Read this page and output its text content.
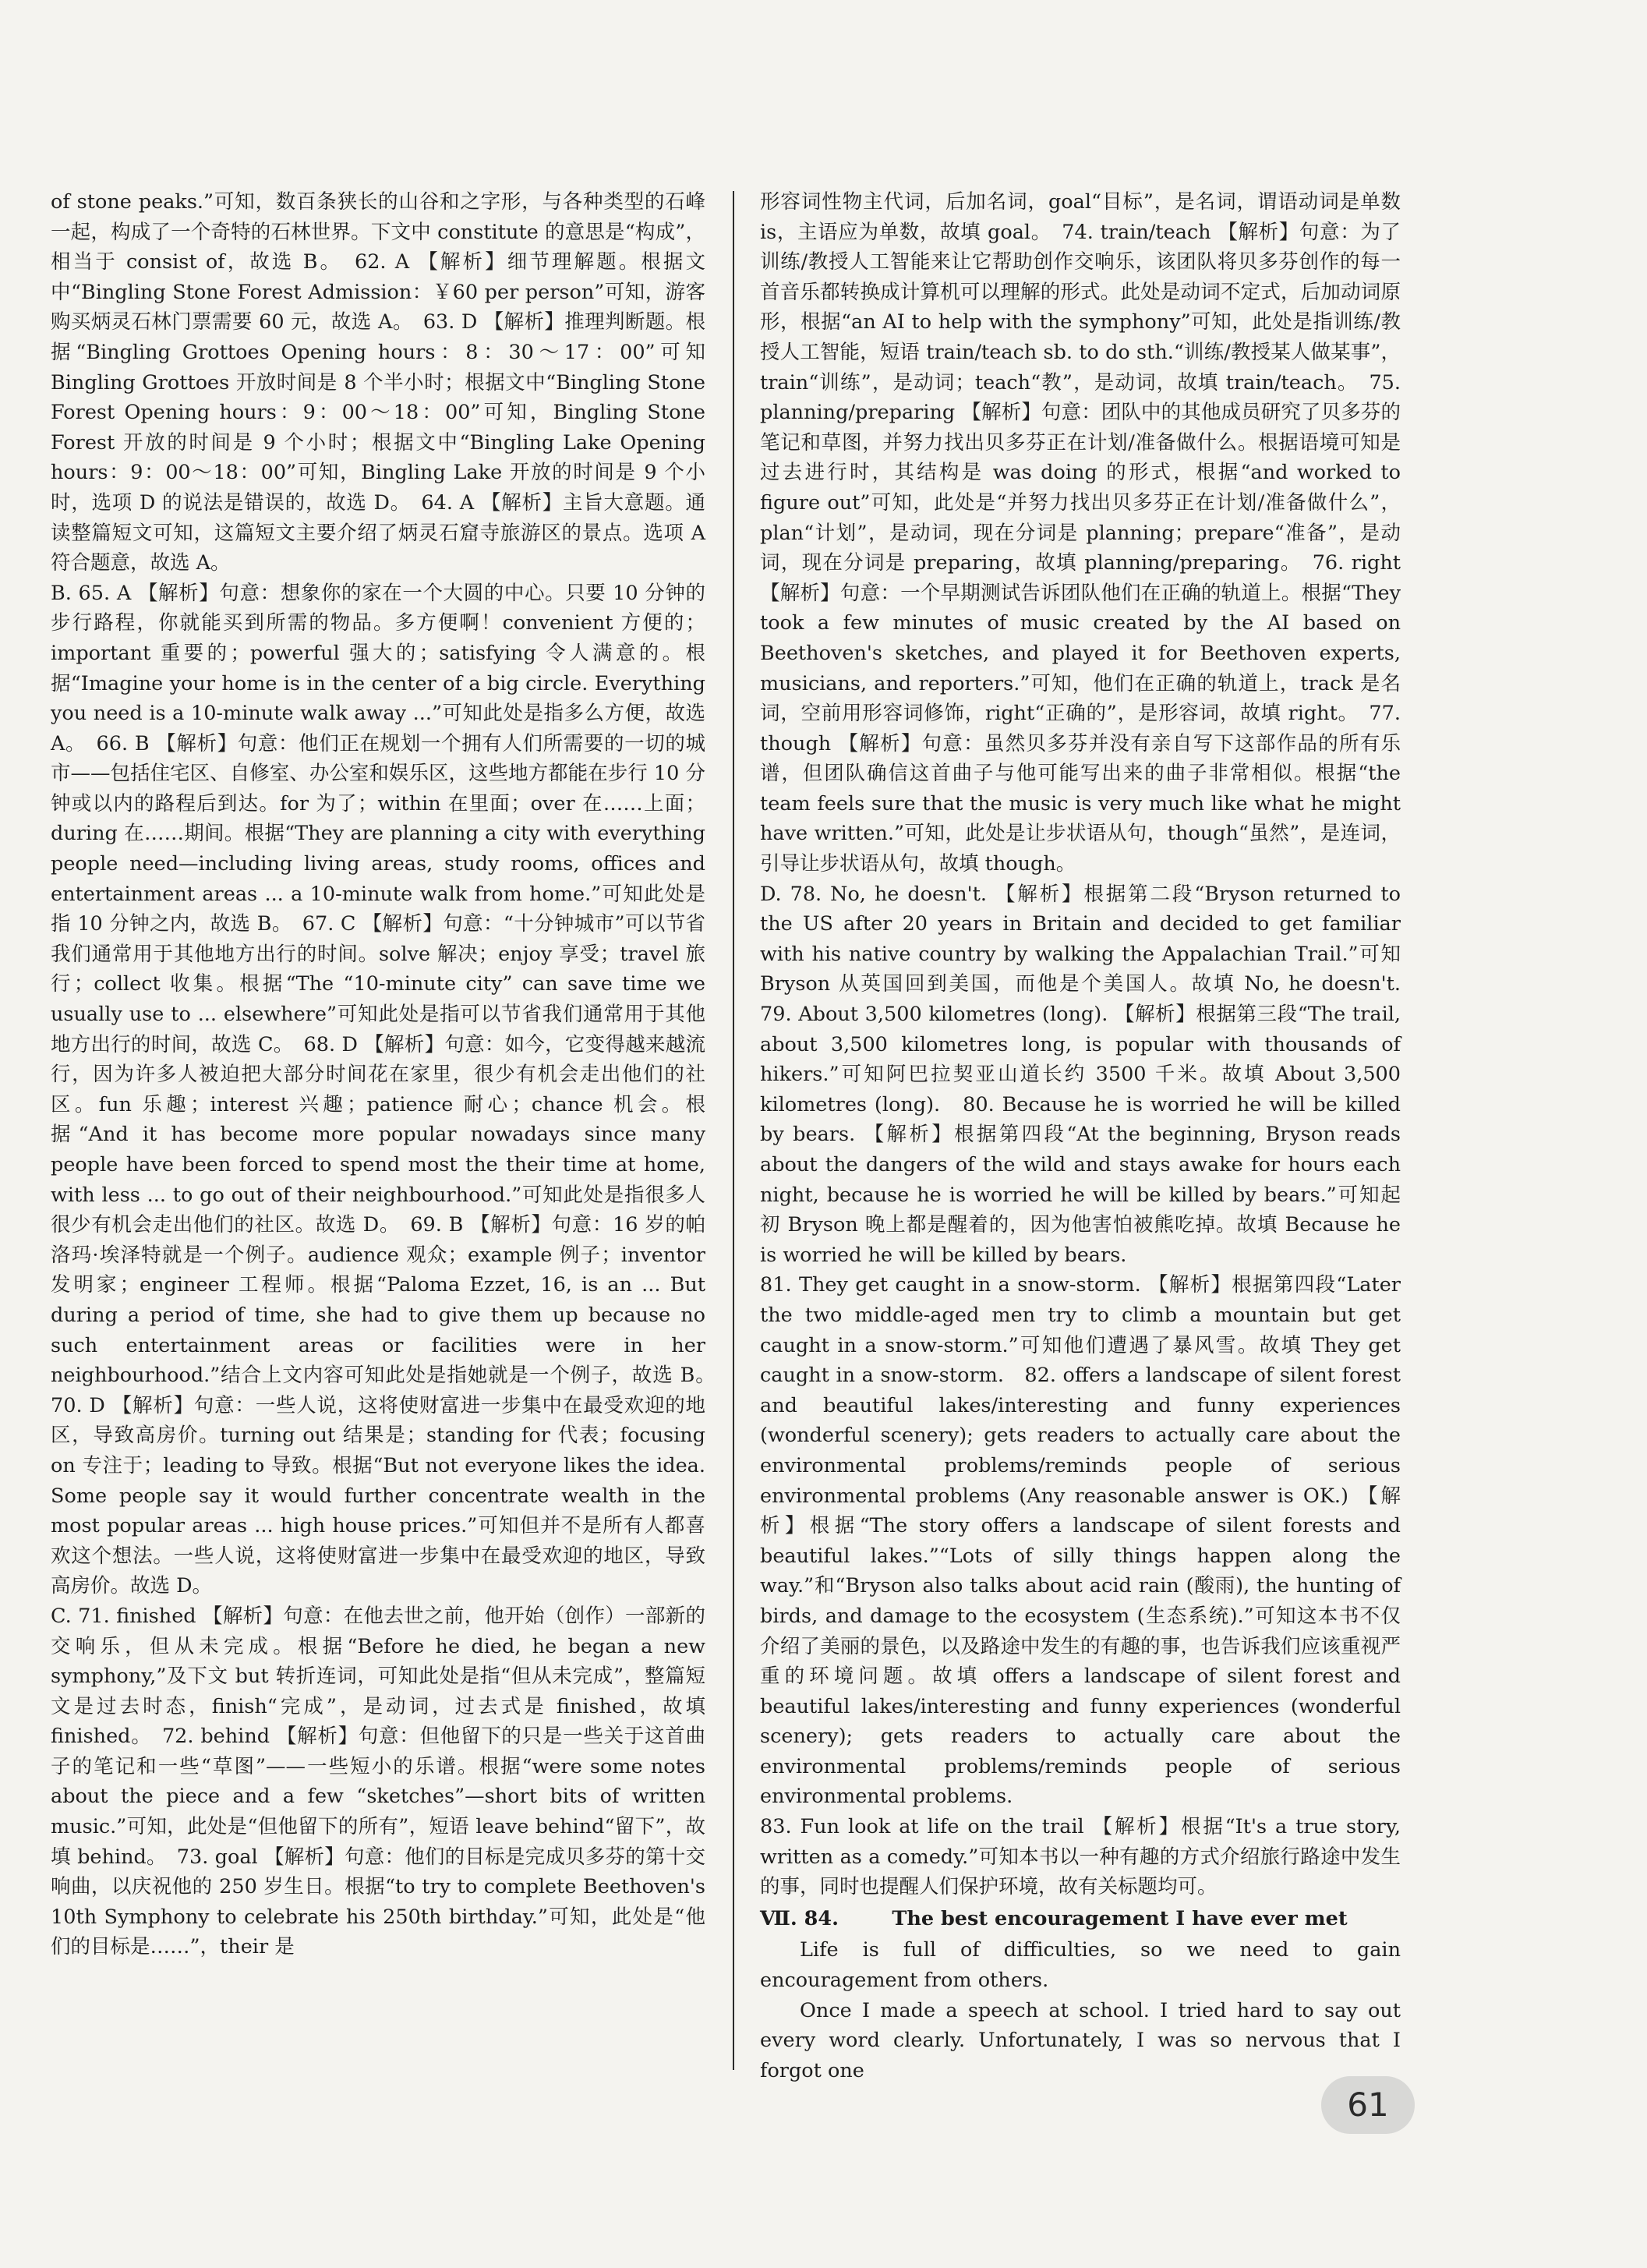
of stone peaks.”可知，数百条狭长的山谷和之字形，与各种类型的石峰一起，构成了一个奇特的石林世界。下文中 constitute 的意思是“构成”，相当于 consist of，故选 B。　62. A 【解析】细节理解题。根据文中“Bingling Stone Forest Admission：￥60 per person”可知，游客购买炳灵石林门票需要 60 元，故选 A。　63. D 【解析】推理判断题。根据“Bingling Grottoes Opening hours：8：30～17：00”可知 Bingling Grottoes 开放时间是 8 个半小时；根据文中“Bingling Stone Forest Opening hours：9：00～18：00”可知，Bingling Stone Forest 开放的时间是 9 个小时；根据文中“Bingling Lake Opening hours：9：00～18：00”可知，Bingling Lake 开放的时间是 9 个小时，选项 D 的说法是错误的，故选 D。　64. A 【解析】主旨大意题。通读整篇短文可知，这篇短文主要介绍了炳灵石窟寺旅游区的景点。选项 A 符合题意，故选 A。

B. 65. A 【解析】句意：想象你的家在一个大圆的中心。只要 10 分钟的步行路程，你就能买到所需的物品。多方便啊！convenient 方便的；important 重要的；powerful 强大的；satisfying 令人满意的。根据“Imagine your home is in the center of a big circle. Everything you need is a 10-minute walk away ...”可知此处是指多么方便，故选 A。　66. B 【解析】句意：他们正在规划一个拥有人们所需要的一切的城市——包括住宅区、自修室、办公室和娱乐区，这些地方都能在步行 10 分钟或以内的路程后到达。for 为了；within 在里面；over 在……上面；during 在……期间。根据“They are planning a city with everything people need—including living areas, study rooms, offices and entertainment areas ... a 10-minute walk from home.”可知此处是指 10 分钟之内，故选 B。　67. C 【解析】句意：“十分钟城市”可以节省我们通常用于其他地方出行的时间。solve 解决；enjoy 享受；travel 旅行；collect 收集。根据“The “10-minute city” can save time we usually use to ... elsewhere”可知此处是指可以节省我们通常用于其他地方出行的时间，故选 C。　68. D 【解析】句意：如今，它变得越来越流行，因为许多人被迫把大部分时间花在家里，很少有机会走出他们的社区。fun 乐趣；interest 兴趣；patience 耐心；chance 机会。根据“And it has become more popular nowadays since many people have been forced to spend most the their time at home, with less ... to go out of their neighbourhood.”可知此处是指很多人很少有机会走出他们的社区。故选 D。　69. B 【解析】句意：16 岁的帕洛玛·埃泽特就是一个例子。audience 观众；example 例子；inventor 发明家；engineer 工程师。根据“Paloma Ezzet, 16, is an ... But during a period of time, she had to give them up because no such entertainment areas or facilities were in her neighbourhood.”结合上文内容可知此处是指她就是一个例子，故选 B。　70. D 【解析】句意：一些人说，这将使财富进一步集中在最受欢迎的地区，导致高房价。turning out 结果是；standing for 代表；focusing on 专注于；leading to 导致。根据“But not everyone likes the idea. Some people say it would further concentrate wealth in the most popular areas ... high house prices.”可知但并不是所有人都喜欢这个想法。一些人说，这将使财富进一步集中在最受欢迎的地区，导致高房价。故选 D。

C. 71. finished 【解析】句意：在他去世之前，他开始（创作）一部新的交响乐，但从未完成。根据“Before he died, he began a new symphony,”及下文 but 转折连词，可知此处是指“但从未完成”，整篇短文是过去时态，finish“完成”，是动词，过去式是 finished，故填 finished。　72. behind 【解析】句意：但他留下的只是一些关于这首曲子的笔记和一些“草图”——一些短小的乐谱。根据“were some notes about the piece and a few “sketches”—short bits of written music.”可知，此处是“但他留下的所有”，短语 leave behind“留下”，故填 behind。　73. goal 【解析】句意：他们的目标是完成贝多芬的第十交响曲，以庆祝他的 250 岁生日。根据“to try to complete Beethoven's 10th Symphony to celebrate his 250th birthday.”可知，此处是“他们的目标是……”，their 是

形容词性物主代词，后加名词，goal“目标”，是名词，谓语动词是单数 is，主语应为单数，故填 goal。　74. train/teach 【解析】句意：为了训练/教授人工智能来让它帮助创作交响乐，该团队将贝多芬创作的每一首音乐都转换成计算机可以理解的形式。此处是动词不定式，后加动词原形，根据“an AI to help with the symphony”可知，此处是指训练/教授人工智能，短语 train/teach sb. to do sth.“训练/教授某人做某事”，train“训练”，是动词；teach“教”，是动词，故填 train/teach。　75. planning/preparing 【解析】句意：团队中的其他成员研究了贝多芬的笔记和草图，并努力找出贝多芬正在计划/准备做什么。根据语境可知是过去进行时，其结构是 was doing 的形式，根据“and worked to figure out”可知，此处是“并努力找出贝多芬正在计划/准备做什么”，plan“计划”，是动词，现在分词是 planning；prepare“准备”，是动词，现在分词是 preparing，故填 planning/preparing。　76. right 【解析】句意：一个早期测试告诉团队他们在正确的轨道上。根据“They took a few minutes of music created by the AI based on Beethoven's sketches, and played it for Beethoven experts, musicians, and reporters.”可知，他们在正确的轨道上，track 是名词，空前用形容词修饰，right“正确的”，是形容词，故填 right。　77. though 【解析】句意：虽然贝多芬并没有亲自写下这部作品的所有乐谱，但团队确信这首曲子与他可能写出来的曲子非常相似。根据“the team feels sure that the music is very much like what he might have written.”可知，此处是让步状语从句，though“虽然”，是连词，引导让步状语从句，故填 though。

D. 78. No, he doesn't. 【解析】根据第二段“Bryson returned to the US after 20 years in Britain and decided to get familiar with his native country by walking the Appalachian Trail.”可知 Bryson 从英国回到美国，而他是个美国人。故填 No, he doesn't.　79. About 3,500 kilometres (long). 【解析】根据第三段“The trail, about 3,500 kilometres long, is popular with thousands of hikers.”可知阿巴拉契亚山道长约 3500 千米。故填 About 3,500 kilometres (long).　80. Because he is worried he will be killed by bears. 【解析】根据第四段“At the beginning, Bryson reads about the dangers of the wild and stays awake for hours each night, because he is worried he will be killed by bears.”可知起初 Bryson 晚上都是醒着的，因为他害怕被熊吃掉。故填 Because he is worried he will be killed by bears.

81. They get caught in a snow-storm. 【解析】根据第四段“Later the two middle-aged men try to climb a mountain but get caught in a snow-storm.”可知他们遭遇了暴风雪。故填 They get caught in a snow-storm.　82. offers a landscape of silent forest and beautiful lakes/interesting and funny experiences (wonderful scenery); gets readers to actually care about the environmental problems/reminds people of serious environmental problems (Any reasonable answer is OK.) 【解析】根据“The story offers a landscape of silent forests and beautiful lakes.”“Lots of silly things happen along the way.”和“Bryson also talks about acid rain (酸雨), the hunting of birds, and damage to the ecosystem (生态系统).”可知这本书不仅介绍了美丽的景色，以及路途中发生的有趣的事，也告诉我们应该重视严重的环境问题。故填 offers a landscape of silent forest and beautiful lakes/interesting and funny experiences (wonderful scenery); gets readers to actually care about the environmental problems/reminds people of serious environmental problems.

83. Fun look at life on the trail 【解析】根据“It's a true story, written as a comedy.”可知本书以一种有趣的方式介绍旅行路途中发生的事，同时也提醒人们保护环境，故有关标题均可。

Ⅶ. 84.	The best encouragement I have ever met

Life is full of difficulties, so we need to gain encouragement from others.

Once I made a speech at school. I tried hard to say out every word clearly. Unfortunately, I was so nervous that I forgot one

61
